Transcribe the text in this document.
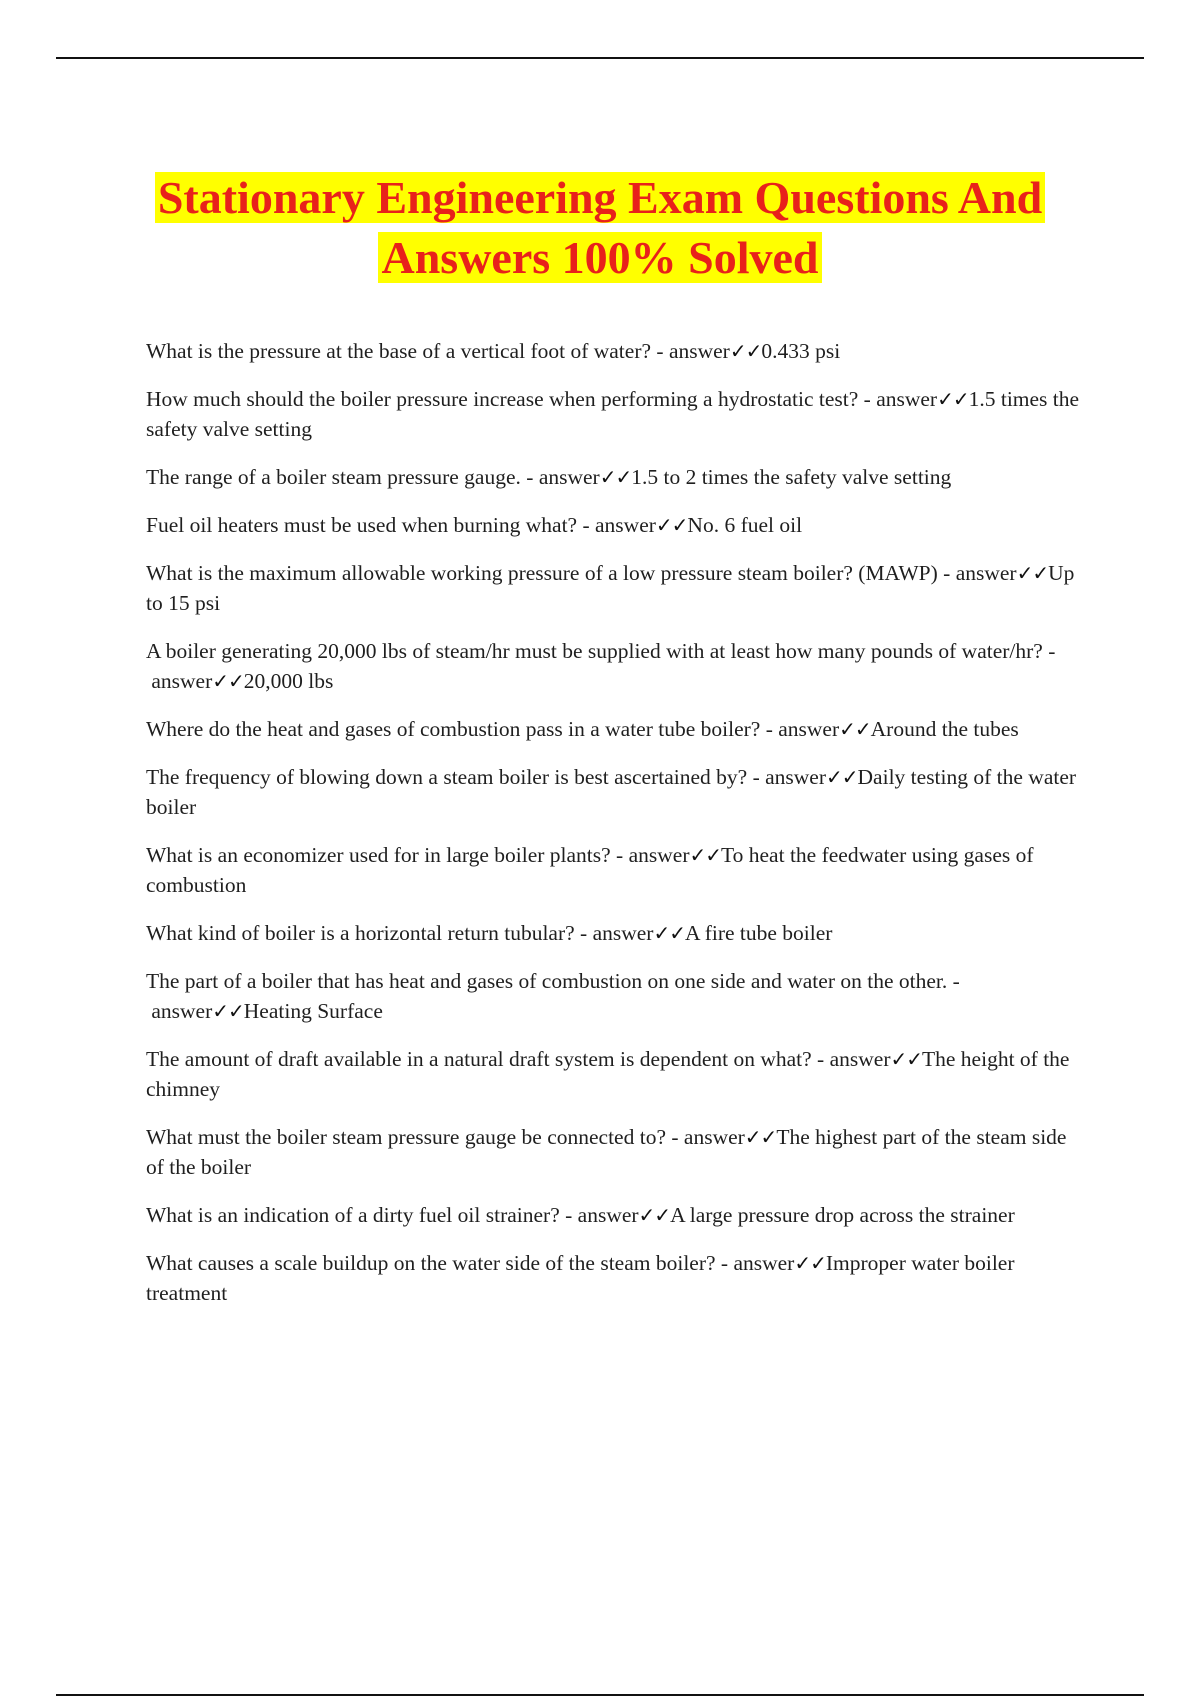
Stationary Engineering Exam Questions And
Answers 100% Solved
What is the pressure at the base of a vertical foot of water? - answer✓✓0.433 psi
How much should the boiler pressure increase when performing a hydrostatic test? - answer✓✓1.5 times the safety valve setting
The range of a boiler steam pressure gauge. - answer✓✓1.5 to 2 times the safety valve setting
Fuel oil heaters must be used when burning what? - answer✓✓No. 6 fuel oil
What is the maximum allowable working pressure of a low pressure steam boiler? (MAWP) - answer✓✓Up to 15 psi
A boiler generating 20,000 lbs of steam/hr must be supplied with at least how many pounds of water/hr? - answer✓✓20,000 lbs
Where do the heat and gases of combustion pass in a water tube boiler? - answer✓✓Around the tubes
The frequency of blowing down a steam boiler is best ascertained by? - answer✓✓Daily testing of the water boiler
What is an economizer used for in large boiler plants? - answer✓✓To heat the feedwater using gases of combustion
What kind of boiler is a horizontal return tubular? - answer✓✓A fire tube boiler
The part of a boiler that has heat and gases of combustion on one side and water on the other. - answer✓✓Heating Surface
The amount of draft available in a natural draft system is dependent on what? - answer✓✓The height of the chimney
What must the boiler steam pressure gauge be connected to? - answer✓✓The highest part of the steam side of the boiler
What is an indication of a dirty fuel oil strainer? - answer✓✓A large pressure drop across the strainer
What causes a scale buildup on the water side of the steam boiler? - answer✓✓Improper water boiler treatment
